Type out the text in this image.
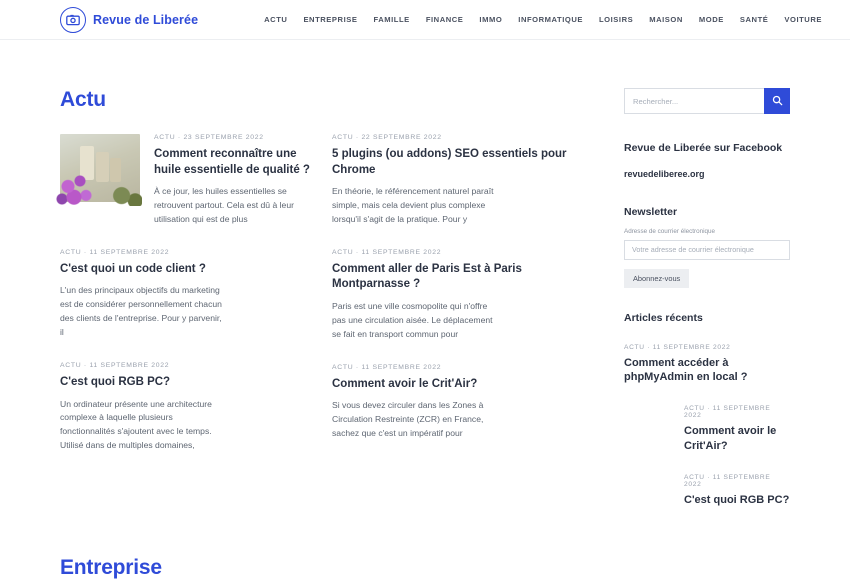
Revue de Liberée	ACTU ENTREPRISE FAMILLE FINANCE IMMO INFORMATIQUE LOISIRS MAISON MODE SANTÉ VOITURE
Actu
ACTU · 23 SEPTEMBRE 2022
Comment reconnaître une huile essentielle de qualité ?

À ce jour, les huiles essentielles se retrouvent partout. Cela est dû à leur utilisation qui est de plus

ACTU · 11 SEPTEMBRE 2022
C'est quoi un code client ?

L'un des principaux objectifs du marketing est de considérer personnellement chacun des clients de l'entreprise. Pour y parvenir, il

ACTU · 11 SEPTEMBRE 2022
C'est quoi RGB PC?

Un ordinateur présente une architecture complexe à laquelle plusieurs fonctionnalités s'ajoutent avec le temps. Utilisé dans de multiples domaines,

ACTU · 22 SEPTEMBRE 2022
5 plugins (ou addons) SEO essentiels pour Chrome

En théorie, le référencement naturel paraît simple, mais cela devient plus complexe lorsqu'il s'agit de la pratique. Pour y

ACTU · 11 SEPTEMBRE 2022
Comment aller de Paris Est à Paris Montparnasse ?

Paris est une ville cosmopolite qui n'offre pas une circulation aisée. Le déplacement se fait en transport commun pour

ACTU · 11 SEPTEMBRE 2022
Comment avoir le Crit'Air?

Si vous devez circuler dans les Zones à Circulation Restreinte (ZCR) en France, sachez que c'est un impératif pour

Rechercher...
Revue de Liberée sur Facebook
revuedeliberee.org
Newsletter
Adresse de courrier électronique
Votre adresse de courrier électronique Abonnez-vous
Articles récents
ACTU · 11 SEPTEMBRE 2022
Comment accéder à phpMyAdmin en local ?
ACTU · 11 SEPTEMBRE 2022
Comment avoir le Crit'Air?
ACTU · 11 SEPTEMBRE 2022
C'est quoi RGB PC?
Entreprise
